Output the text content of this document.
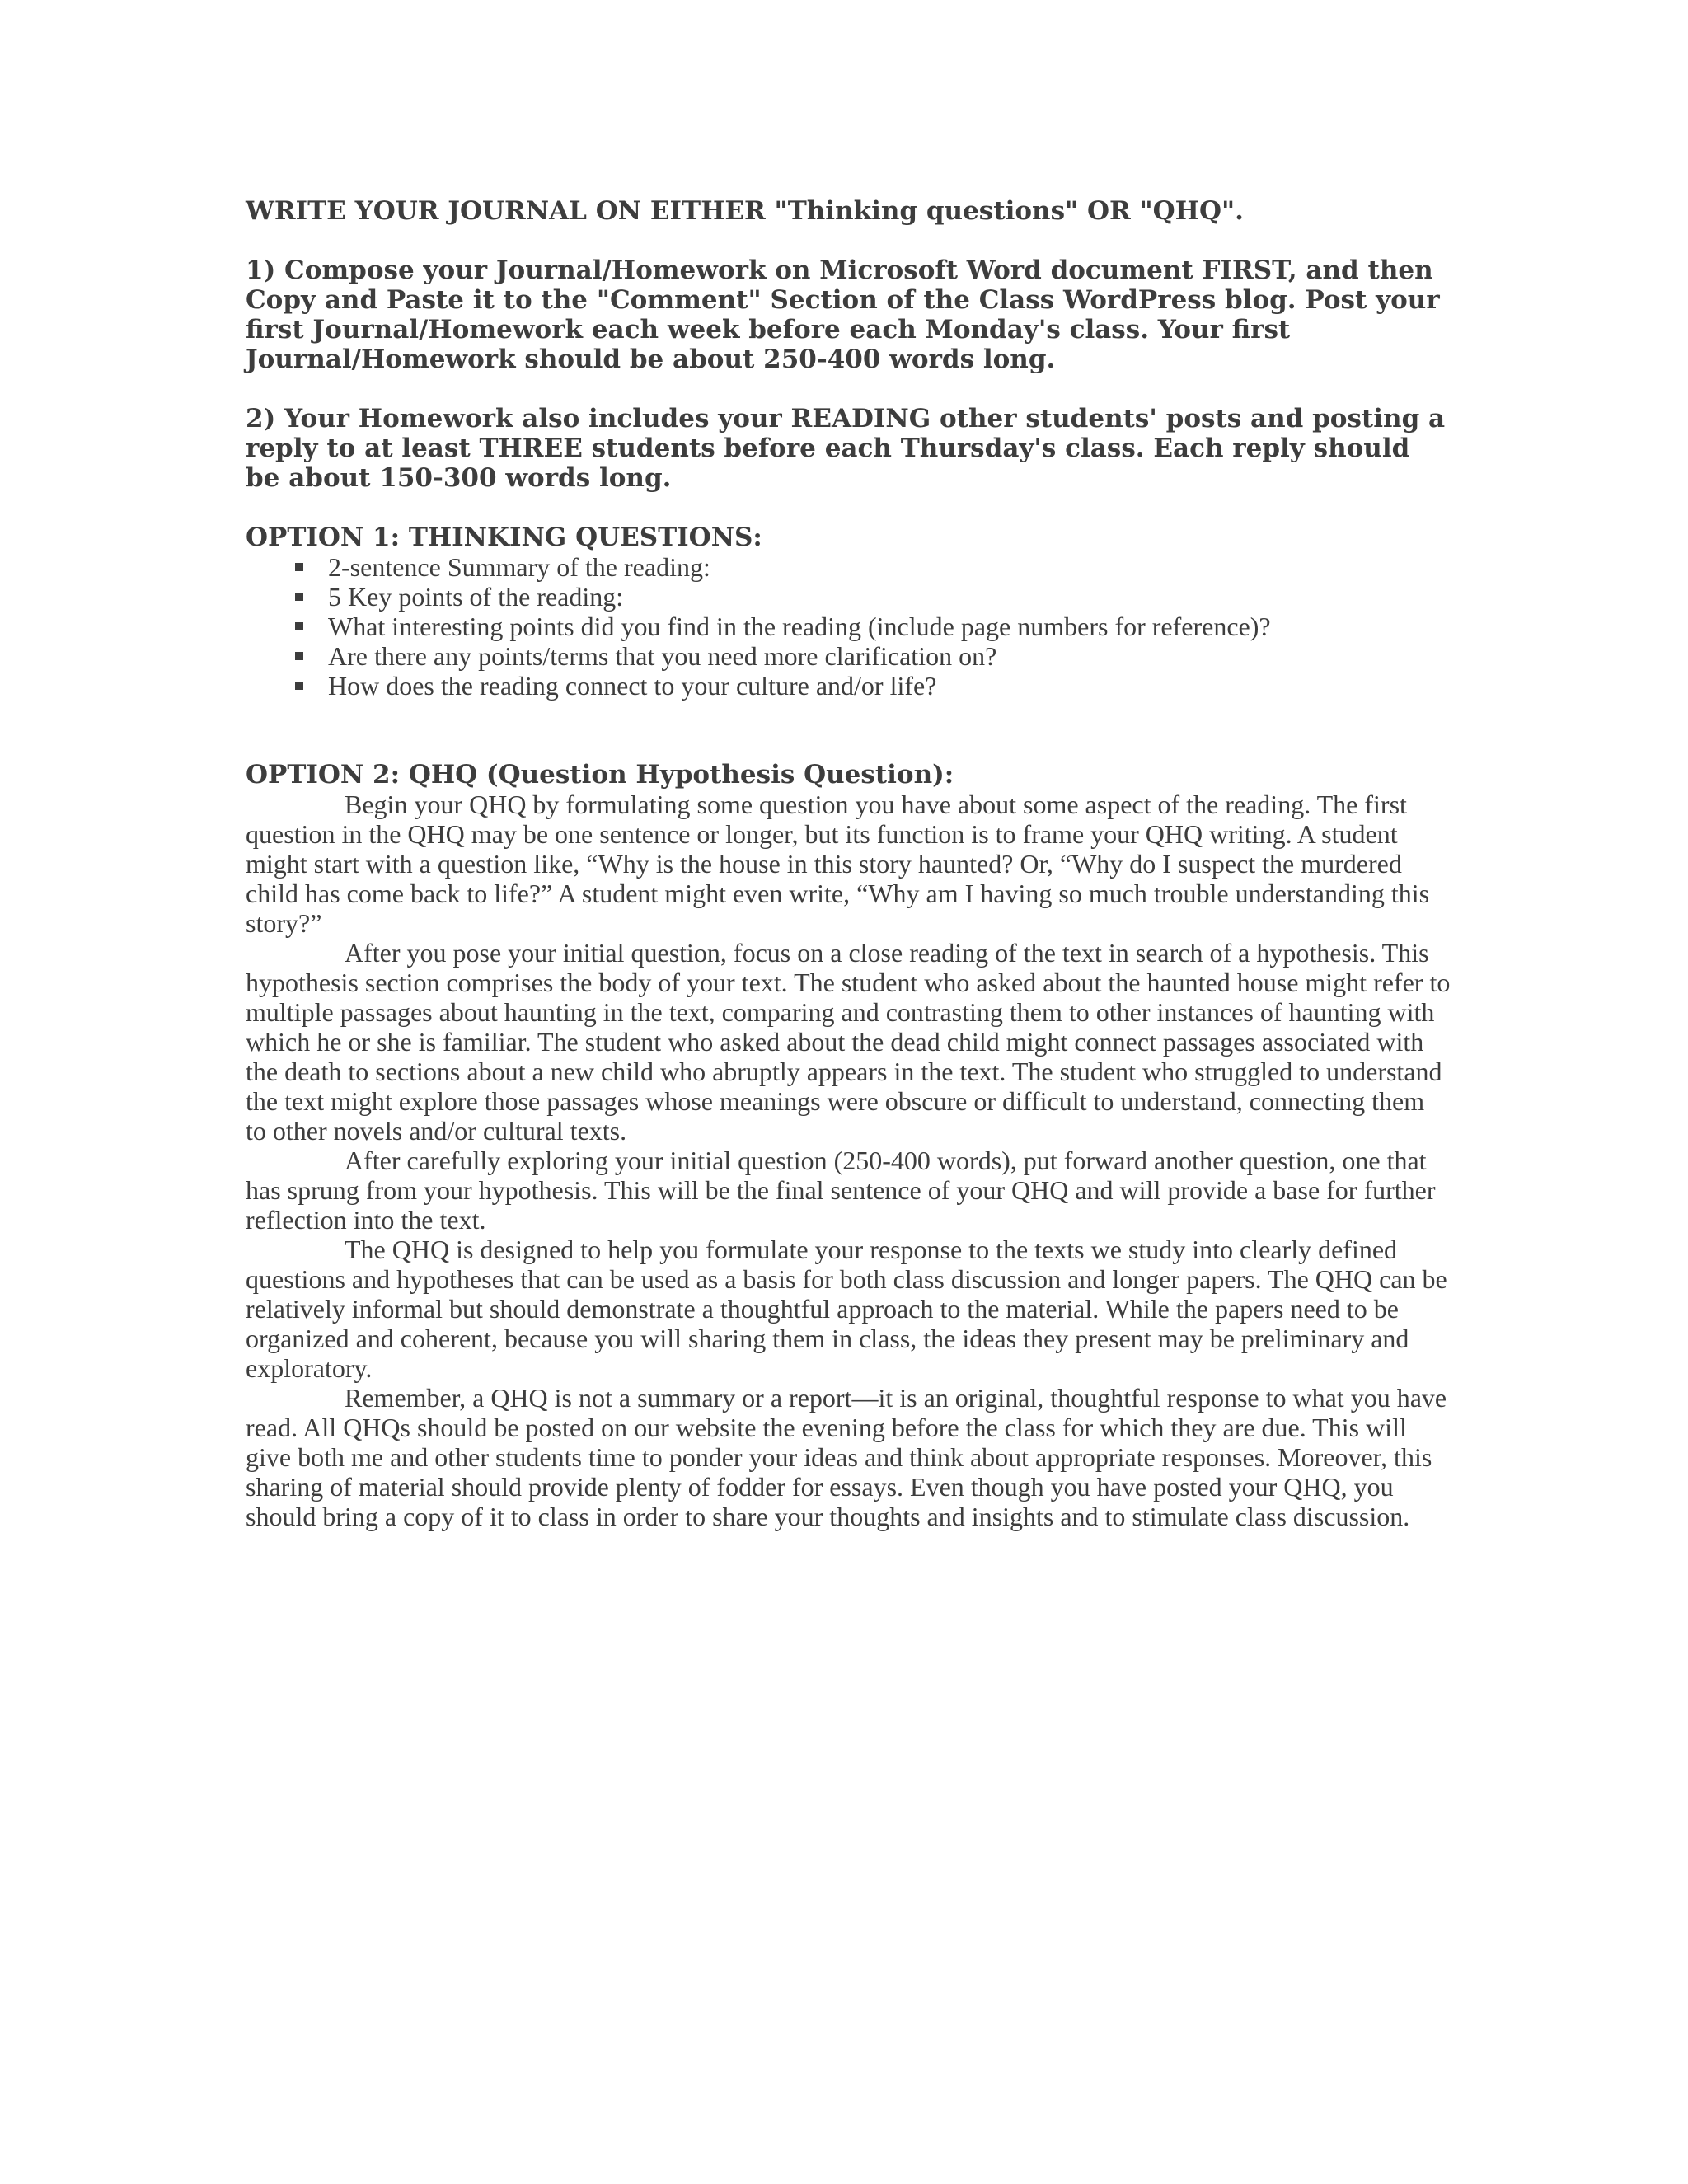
WRITE YOUR JOURNAL ON EITHER "Thinking questions" OR "QHQ".

1) Compose your Journal/Homework on Microsoft Word document FIRST, and then Copy and Paste it to the "Comment" Section of the Class WordPress blog. Post your first Journal/Homework each week before each Monday's class. Your first Journal/Homework should be about 250-400 words long.

2) Your Homework also includes your READING other students' posts and posting a reply to at least THREE students before each Thursday's class. Each reply should be about 150-300 words long.

OPTION 1: THINKING QUESTIONS:

2-sentence Summary of the reading:
5 Key points of the reading:
What interesting points did you find in the reading (include page numbers for reference)?
Are there any points/terms that you need more clarification on?
How does the reading connect to your culture and/or life?

OPTION 2: QHQ (Question Hypothesis Question):

Begin your QHQ by formulating some question you have about some aspect of the reading. The first question in the QHQ may be one sentence or longer, but its function is to frame your QHQ writing. A student might start with a question like, “Why is the house in this story haunted? Or, “Why do I suspect the murdered child has come back to life?” A student might even write, “Why am I having so much trouble understanding this story?”

After you pose your initial question, focus on a close reading of the text in search of a hypothesis. This hypothesis section comprises the body of your text. The student who asked about the haunted house might refer to multiple passages about haunting in the text, comparing and contrasting them to other instances of haunting with which he or she is familiar. The student who asked about the dead child might connect passages associated with the death to sections about a new child who abruptly appears in the text. The student who struggled to understand the text might explore those passages whose meanings were obscure or difficult to understand, connecting them to other novels and/or cultural texts.

After carefully exploring your initial question (250-400 words), put forward another question, one that has sprung from your hypothesis. This will be the final sentence of your QHQ and will provide a base for further reflection into the text.

The QHQ is designed to help you formulate your response to the texts we study into clearly defined questions and hypotheses that can be used as a basis for both class discussion and longer papers. The QHQ can be relatively informal but should demonstrate a thoughtful approach to the material. While the papers need to be organized and coherent, because you will sharing them in class, the ideas they present may be preliminary and exploratory.

Remember, a QHQ is not a summary or a report—it is an original, thoughtful response to what you have read. All QHQs should be posted on our website the evening before the class for which they are due. This will give both me and other students time to ponder your ideas and think about appropriate responses. Moreover, this sharing of material should provide plenty of fodder for essays. Even though you have posted your QHQ, you should bring a copy of it to class in order to share your thoughts and insights and to stimulate class discussion.
